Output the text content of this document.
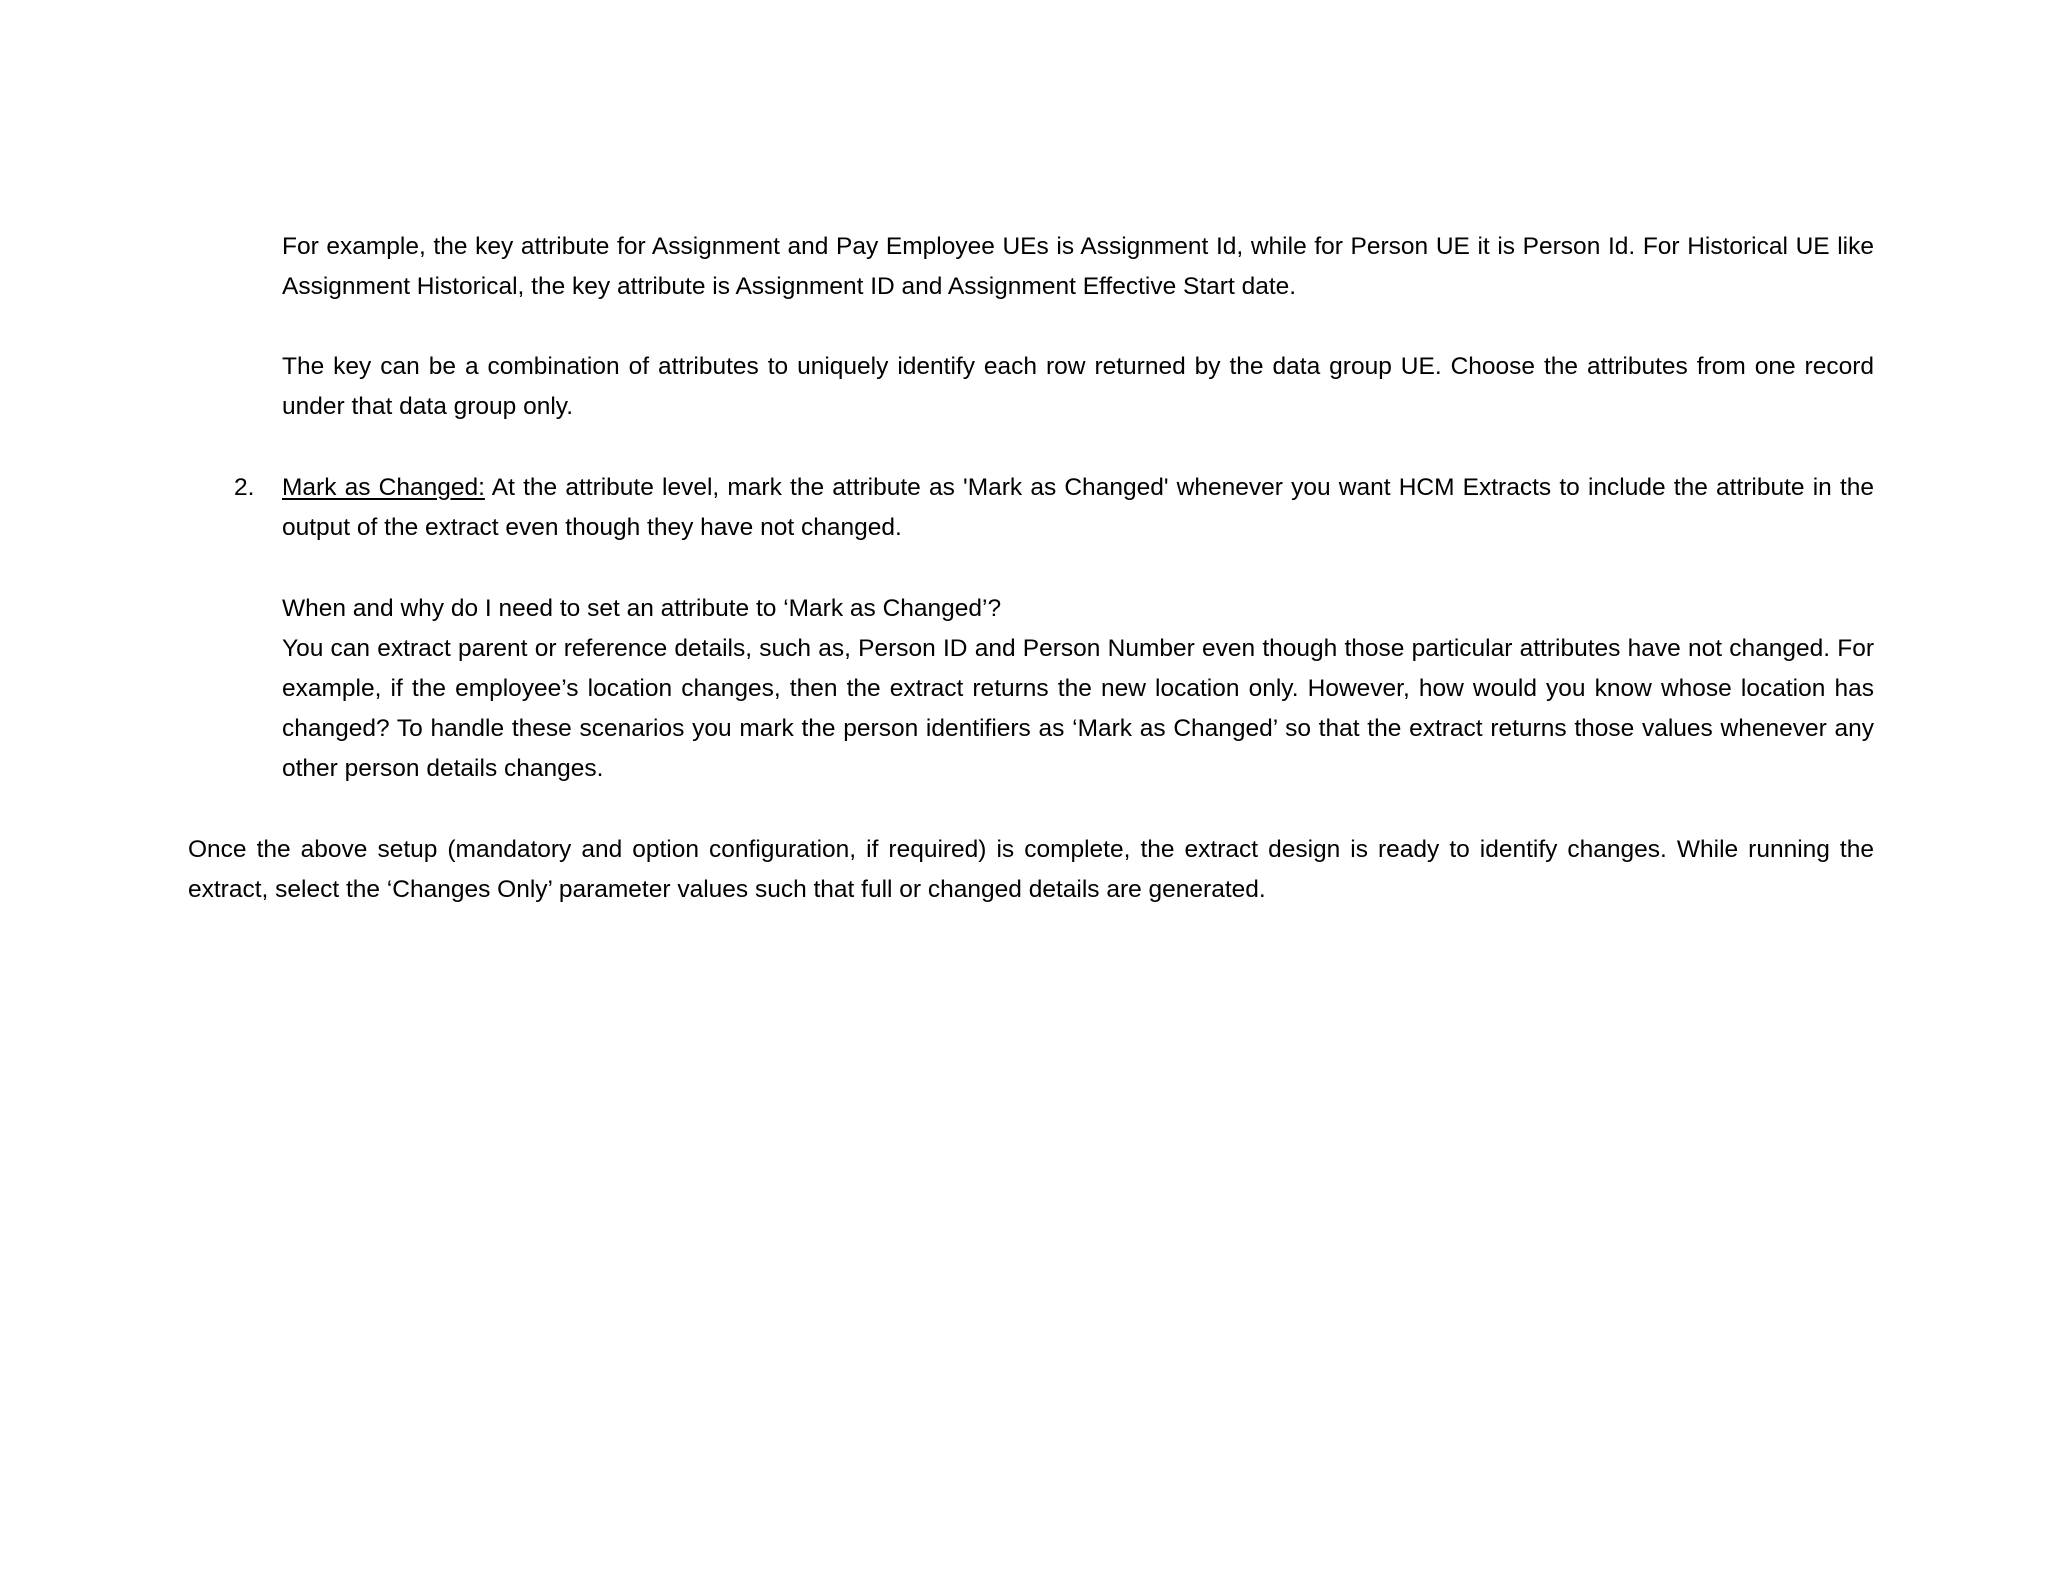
For example, the key attribute for Assignment and Pay Employee UEs is Assignment Id, while for Person UE it is Person Id. For Historical UE like Assignment Historical, the key attribute is Assignment ID and Assignment Effective Start date.

The key can be a combination of attributes to uniquely identify each row returned by the data group UE. Choose the attributes from one record under that data group only.

2. Mark as Changed: At the attribute level, mark the attribute as 'Mark as Changed' whenever you want HCM Extracts to include the attribute in the output of the extract even though they have not changed.

When and why do I need to set an attribute to ‘Mark as Changed’?

You can extract parent or reference details, such as, Person ID and Person Number even though those particular attributes have not changed. For example, if the employee’s location changes, then the extract returns the new location only. However, how would you know whose location has changed? To handle these scenarios you mark the person identifiers as ‘Mark as Changed’ so that the extract returns those values whenever any other person details changes.

Once the above setup (mandatory and option configuration, if required) is complete, the extract design is ready to identify changes. While running the extract, select the ‘Changes Only’ parameter values such that full or changed details are generated.
